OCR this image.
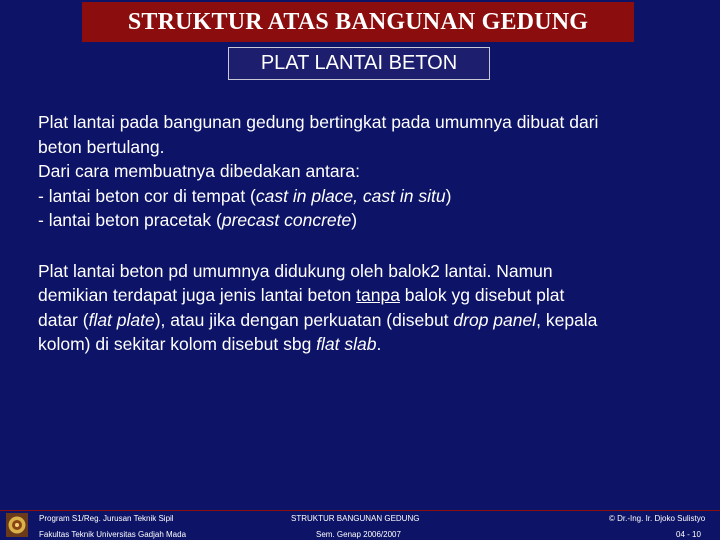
STRUKTUR ATAS BANGUNAN GEDUNG
PLAT LANTAI BETON

Plat lantai pada bangunan gedung bertingkat pada umumnya dibuat dari

beton bertulang.

Dari cara membuatnya dibedakan antara:

- lantai beton cor di tempat (cast in place, cast in situ)

- lantai beton pracetak (precast concrete)

Plat lantai beton pd umumnya didukung oleh balok2 lantai. Namun

demikian terdapat juga jenis lantai beton tanpa balok yg disebut plat

datar (flat plate), atau jika dengan perkuatan (disebut drop panel, kepala

kolom) di sekitar kolom disebut sbg flat slab.

Program S1/Reg. Jurusan Teknik Sipil
Fakultas Teknik Universitas Gadjah Mada
STRUKTUR BANGUNAN GEDUNG
Sem. Genap 2006/2007
© Dr.-Ing. Ir. Djoko Sulistyo
04 - 10
